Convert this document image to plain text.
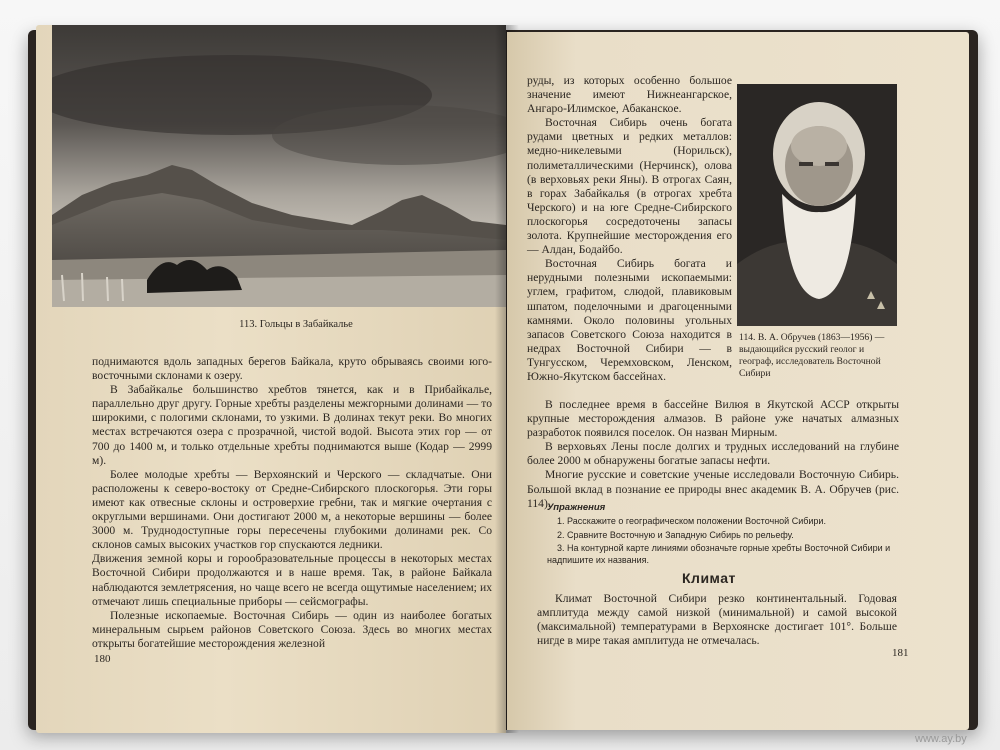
113. Гольцы в Забайкалье

поднимаются вдоль западных берегов Байкала, круто обрываясь своими юго-восточными склонами к озеру.

В Забайкалье большинство хребтов тянется, как и в Прибайкалье, параллельно друг другу. Горные хребты разделены межгорными долинами — то широкими, с пологими склонами, то узкими. В долинах текут реки. Во многих местах встречаются озера с прозрачной, чистой водой. Высота этих гор — от 700 до 1400 м, и только отдельные хребты поднимаются выше (Кодар — 2999 м).

Более молодые хребты — Верхоянский и Черского — складчатые. Они расположены к северо-востоку от Средне-Сибирского плоскогорья. Эти горы имеют как отвесные склоны и островерхие гребни, так и мягкие очертания с округлыми вершинами. Они достигают 2000 м, а некоторые вершины — более 3000 м. Труднодоступные горы пересечены глубокими долинами рек. Со склонов самых высоких участков гор спускаются ледники.

Движения земной коры и горообразовательные процессы в некоторых местах Восточной Сибири продолжаются и в наше время. Так, в районе Байкала наблюдаются землетрясения, но чаще всего не всегда ощутимые населением; их отмечают лишь специальные приборы — сейсмографы.

Полезные ископаемые. Восточная Сибирь — один из наиболее богатых минеральным сырьем районов Советского Союза. Здесь во многих местах открыты богатейшие месторождения железной

180

руды, из которых особенно большое значение имеют Нижнеангарское, Ангаро-Илимское, Абаканское.

Восточная Сибирь очень богата рудами цветных и редких металлов: медно-никелевыми (Норильск), полиметаллическими (Нерчинск), олова (в верховьях реки Яны). В отрогах Саян, в горах Забайкалья (в отрогах хребта Черского) и на юге Средне-Сибирского плоскогорья сосредоточены запасы золота. Крупнейшие месторождения его — Алдан, Бодайбо.

Восточная Сибирь богата и нерудными полезными ископаемыми: углем, графитом, слюдой, плавиковым шпатом, поделочными и драгоценными камнями. Около половины угольных запасов Советского Союза находится в недрах Восточной Сибири — в Тунгусском, Черемховском, Ленском, Южно-Якутском бассейнах.

114. В. А. Обручев (1863—1956) — выдающийся русский геолог и географ, исследователь Восточной Сибири

В последнее время в бассейне Вилюя в Якутской АССР открыты крупные месторождения алмазов. В районе уже начатых алмазных разработок появился поселок. Он назван Мирным.

В верховьях Лены после долгих и трудных исследований на глубине более 2000 м обнаружены богатые запасы нефти.

Многие русские и советские ученые исследовали Восточную Сибирь. Большой вклад в познание ее природы внес академик В. А. Обручев (рис. 114).

Упражнения
1. Расскажите о географическом положении Восточной Сибири.
2. Сравните Восточную и Западную Сибирь по рельефу.
3. На контурной карте линиями обозначьте горные хребты Восточной Сибири и надпишите их названия.
Климат

Климат Восточной Сибири резко континентальный. Годовая амплитуда между самой низкой (минимальной) и самой высокой (максимальной) температурами в Верхоянске достигает 101°. Больше нигде в мире такая амплитуда не отмечалась.

181
www.ay.by
